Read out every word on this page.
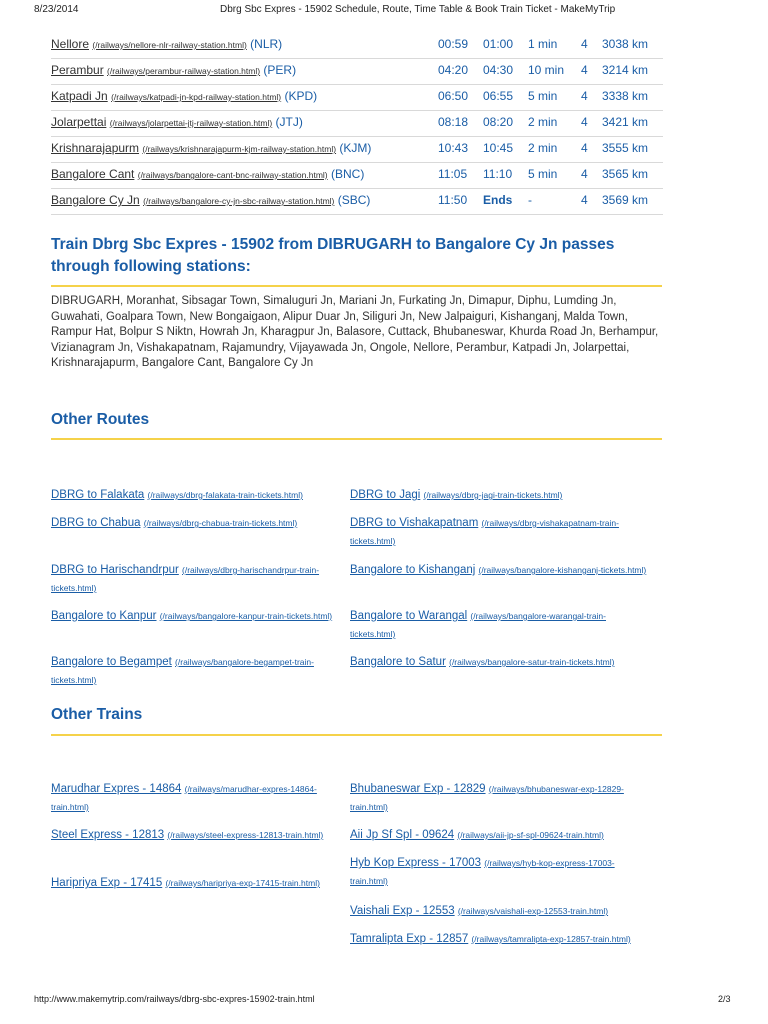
8/23/2014	Dbrg Sbc Expres - 15902 Schedule, Route, Time Table & Book Train Ticket - MakeMyTrip
Nellore (/railways/nellore-nlr-railway-station.html) (NLR)	00:59 01:00 1 min 4 3038 km
Perambur (/railways/perambur-railway-station.html) (PER)	04:20 04:30 10 min 4 3214 km
Katpadi Jn (/railways/katpadi-jn-kpd-railway-station.html) (KPD)	06:50 06:55 5 min 4 3338 km
Jolarpettai (/railways/jolarpettai-jtj-railway-station.html) (JTJ)	08:18 08:20 2 min 4 3421 km
Krishnarajapurm (/railways/krishnarajapurm-kjm-railway-station.html) (KJM)	10:43 10:45 2 min 4 3555 km
Bangalore Cant (/railways/bangalore-cant-bnc-railway-station.html) (BNC)	11:05 11:10 5 min 4 3565 km
Bangalore Cy Jn (/railways/bangalore-cy-jn-sbc-railway-station.html) (SBC)	11:50 Ends -	4 3569 km
Train Dbrg Sbc Expres - 15902 from DIBRUGARH to Bangalore Cy Jn passes through following stations:
DIBRUGARH, Moranhat, Sibsagar Town, Simaluguri Jn, Mariani Jn, Furkating Jn, Dimapur, Diphu, Lumding Jn, Guwahati, Goalpara Town, New Bongaigaon, Alipur Duar Jn, Siliguri Jn, New Jalpaiguri, Kishanganj, Malda Town, Rampur Hat, Bolpur S Niktn, Howrah Jn, Kharagpur Jn, Balasore, Cuttack, Bhubaneswar, Khurda Road Jn, Berhampur, Vizianagram Jn, Vishakapatnam, Rajamundry, Vijayawada Jn, Ongole, Nellore, Perambur, Katpadi Jn, Jolarpettai, Krishnarajapurm, Bangalore Cant, Bangalore Cy Jn
Other Routes
DBRG to Falakata (/railways/dbrg-falakata-train-tickets.html)	DBRG to Jagi (/railways/dbrg-jagi-train-tickets.html)
DBRG to Chabua (/railways/dbrg-chabua-train-tickets.html)	DBRG to Vishakapatnam (/railways/dbrg-vishakapatnam-train-tickets.html)
DBRG to Harischandrpur (/railways/dbrg-harischandrpur-train-tickets.html)
Bangalore to Kishanganj (/railways/bangalore-kishanganj-tickets.html)
Bangalore to Kanpur (/railways/bangalore-kanpur-train-tickets.html)	Bangalore to Warangal (/railways/bangalore-warangal-train-tickets.html)
Bangalore to Begampet (/railways/bangalore-begampet-train-tickets.html)
Bangalore to Satur (/railways/bangalore-satur-train-tickets.html)
Other Trains
Marudhar Expres - 14864 (/railways/marudhar-expres-14864-train.html)
Bhubaneswar Exp - 12829 (/railways/bhubaneswar-exp-12829-train.html)
Steel Express - 12813 (/railways/steel-express-12813-train.html)	Aii Jp Sf Spl - 09624 (/railways/aii-jp-sf-spl-09624-train.html)
Hyb Kop Express - 17003 (/railways/hyb-kop-express-17003-train.html)
Haripriya Exp - 17415 (/railways/haripriya-exp-17415-train.html)
Vaishali Exp - 12553 (/railways/vaishali-exp-12553-train.html)
Tamralipta Exp - 12857 (/railways/tamralipta-exp-12857-train.html)
http://www.makemytrip.com/railways/dbrg-sbc-expres-15902-train.html	2/3
